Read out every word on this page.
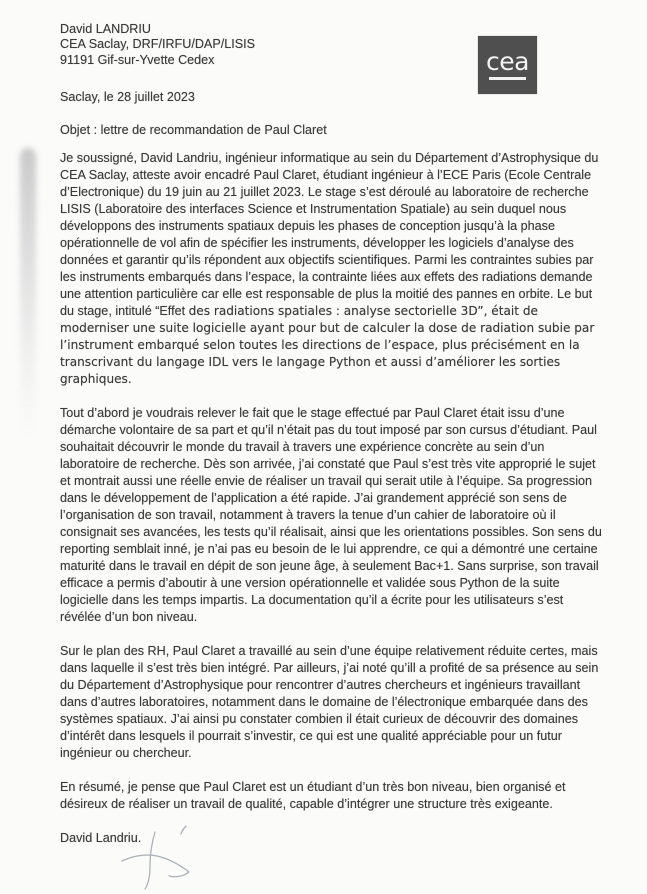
David LANDRIU
CEA Saclay, DRF/IRFU/DAP/LISIS
91191 Gif-sur-Yvette Cedex	cea
Saclay, le 28 juillet 2023
Objet : lettre de recommandation de Paul Claret

Je soussigné, David Landriu, ingénieur informatique au sein du Département d’Astrophysique du CEA Saclay, atteste avoir encadré Paul Claret, étudiant ingénieur à l’ECE Paris (Ecole Centrale d’Electronique) du 19 juin au 21 juillet 2023. Le stage s’est déroulé au laboratoire de recherche LISIS (Laboratoire des interfaces Science et Instrumentation Spatiale) au sein duquel nous développons des instruments spatiaux depuis les phases de conception jusqu’à la phase opérationnelle de vol afin de spécifier les instruments, développer les logiciels d’analyse des données et garantir qu’ils répondent aux objectifs scientifiques. Parmi les contraintes subies par les instruments embarqués dans l’espace, la contrainte liées aux effets des radiations demande une attention particulière car elle est responsable de plus la moitié des pannes en orbite. Le but du stage, intitulé “Effet des radiations spatiales : analyse sectorielle 3D”, était de moderniser une suite logicielle ayant pour but de calculer la dose de radiation subie par l’instrument embarqué selon toutes les directions de l’espace, plus précisément en la transcrivant du langage IDL vers le langage Python et aussi d’améliorer les sorties graphiques.

Tout d’abord je voudrais relever le fait que le stage effectué par Paul Claret était issu d’une démarche volontaire de sa part et qu’il n’était pas du tout imposé par son cursus d’étudiant. Paul souhaitait découvrir le monde du travail à travers une expérience concrète au sein d’un laboratoire de recherche. Dès son arrivée, j’ai constaté que Paul s’est très vite approprié le sujet et montrait aussi une réelle envie de réaliser un travail qui serait utile à l’équipe. Sa progression dans le développement de l’application a été rapide. J’ai grandement apprécié son sens de l’organisation de son travail, notamment à travers la tenue d’un cahier de laboratoire où il consignait ses avancées, les tests qu’il réalisait, ainsi que les orientations possibles. Son sens du reporting semblait inné, je n’ai pas eu besoin de le lui apprendre, ce qui a démontré une certaine maturité dans le travail en dépit de son jeune âge, à seulement Bac+1. Sans surprise, son travail efficace a permis d’aboutir à une version opérationnelle et validée sous Python de la suite logicielle dans les temps impartis. La documentation qu’il a écrite pour les utilisateurs s’est révélée d’un bon niveau.

Sur le plan des RH, Paul Claret a travaillé au sein d’une équipe relativement réduite certes, mais dans laquelle il s’est très bien intégré. Par ailleurs, j’ai noté qu’ill a profité de sa présence au sein du Département d’Astrophysique pour rencontrer d’autres chercheurs et ingénieurs travaillant dans d’autres laboratoires, notamment dans le domaine de l’électronique embarquée dans des systèmes spatiaux. J’ai ainsi pu constater combien il était curieux de découvrir des domaines d’intérêt dans lesquels il pourrait s’investir, ce qui est une qualité appréciable pour un futur ingénieur ou chercheur.

En résumé, je pense que Paul Claret est un étudiant d’un très bon niveau, bien organisé et désireux de réaliser un travail de qualité, capable d’intégrer une structure très exigeante.

David Landriu.
